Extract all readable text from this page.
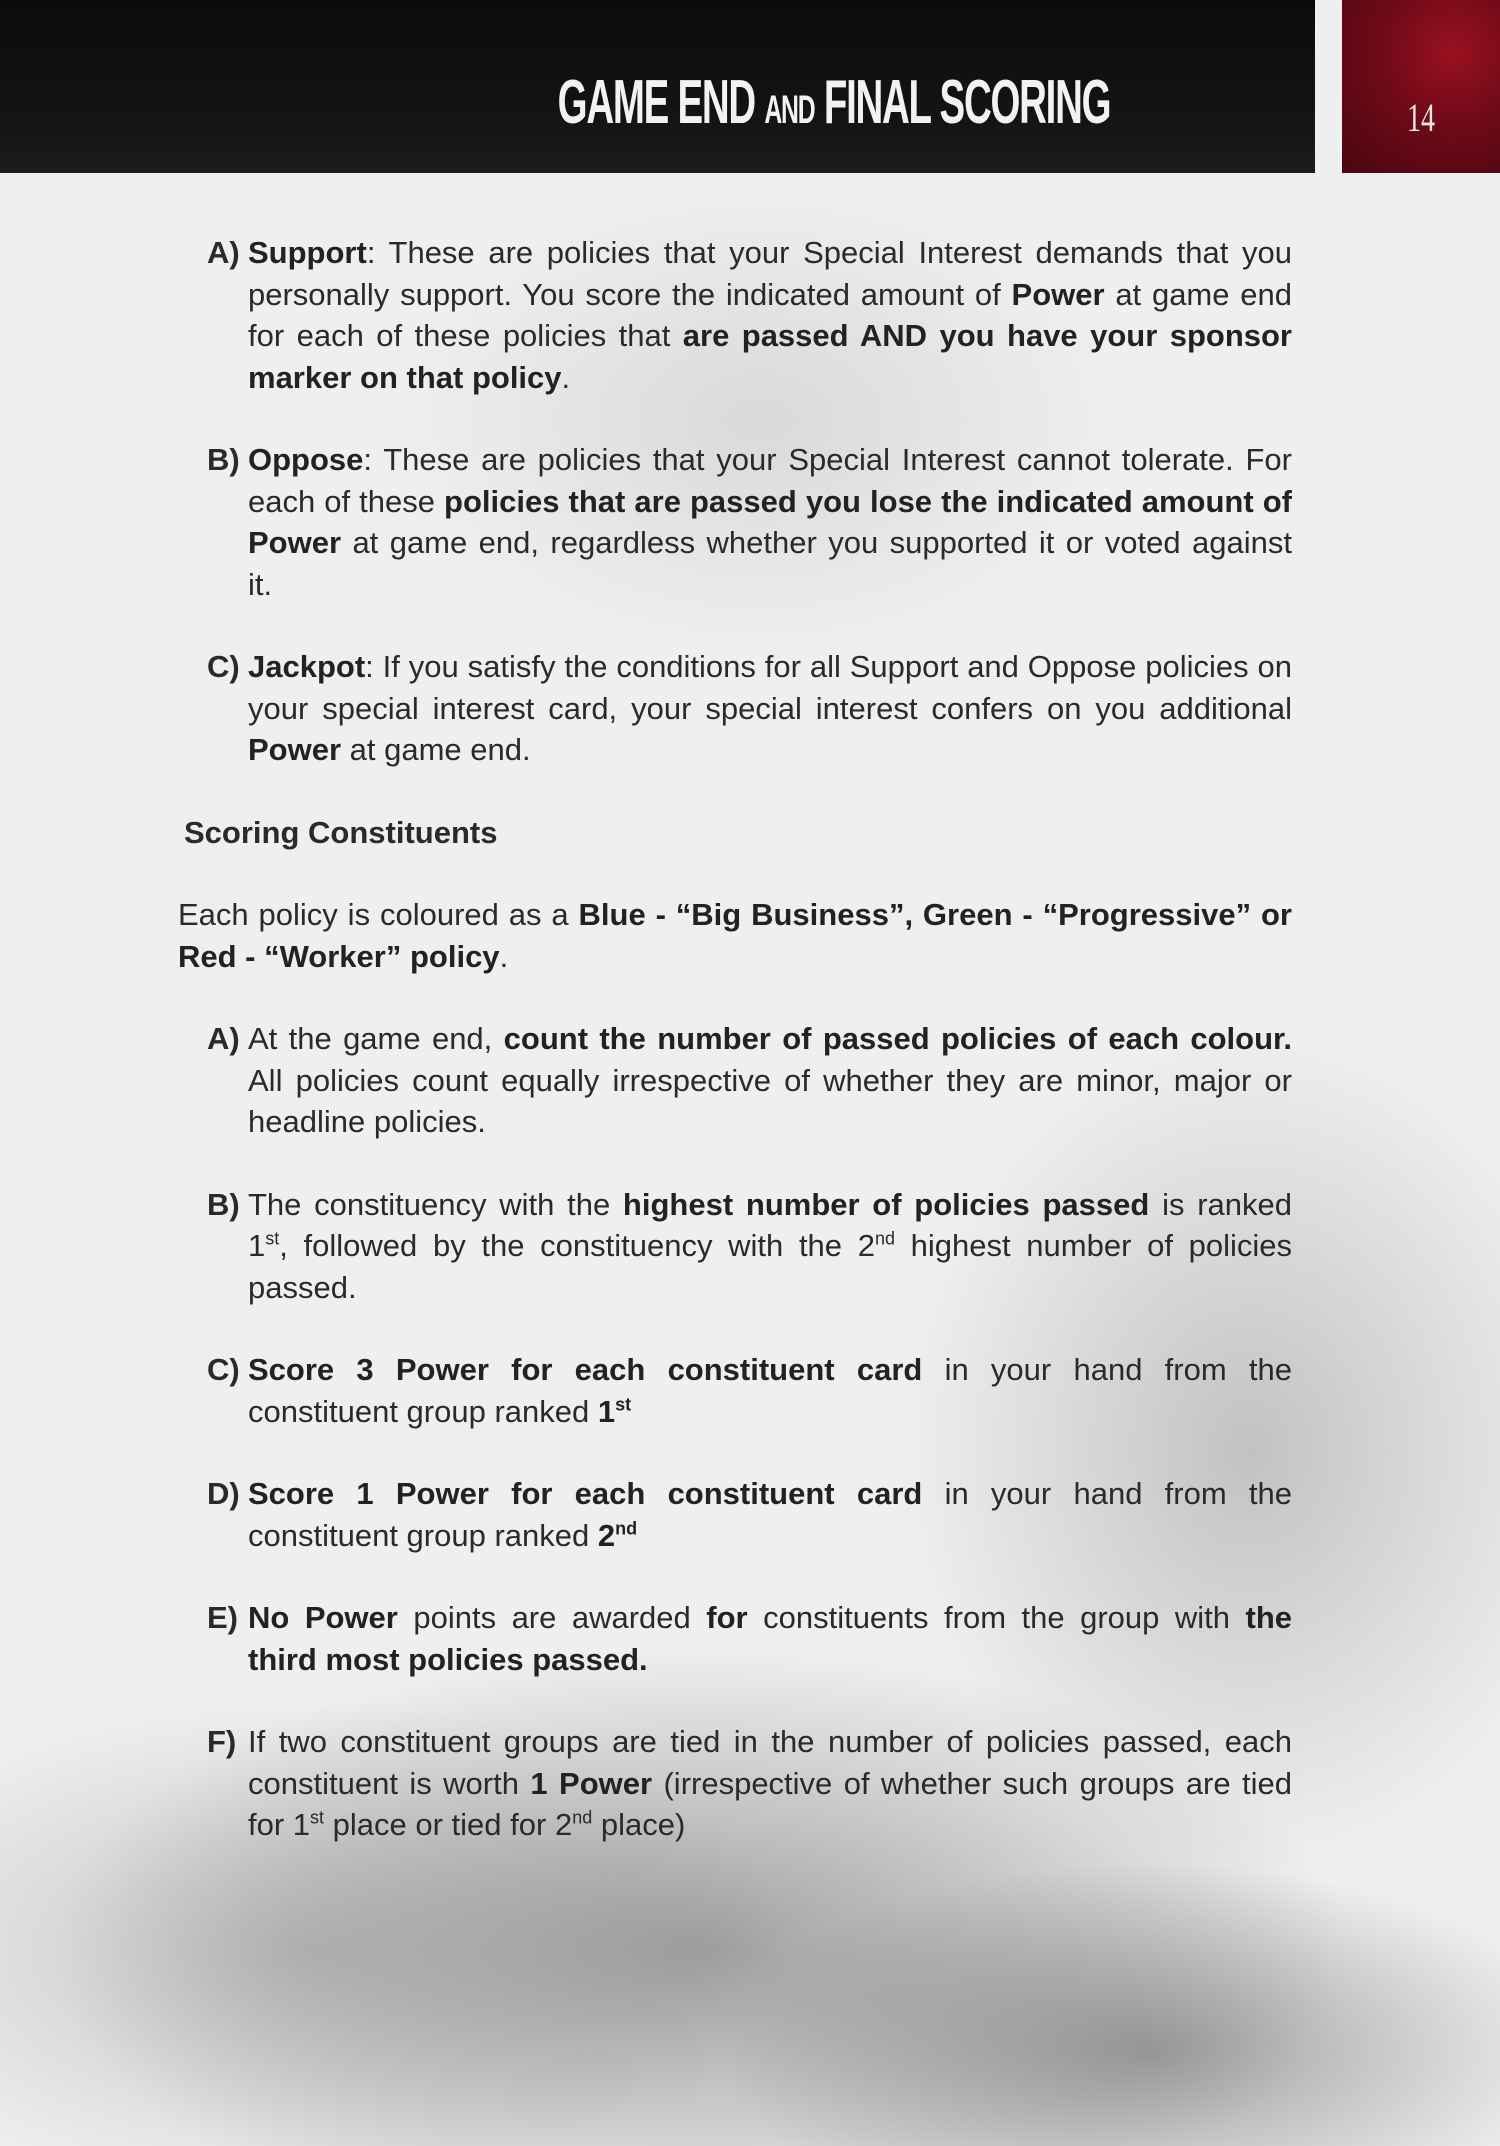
GAME END AND FINAL SCORING	14
A) Support: These are policies that your Special Interest demands that you personally support. You score the indicated amount of Power at game end for each of these policies that are passed AND you have your sponsor marker on that policy.
B) Oppose: These are policies that your Special Interest cannot tolerate. For each of these policies that are passed you lose the indicated amount of Power at game end, regardless whether you supported it or voted against it.
C) Jackpot: If you satisfy the conditions for all Support and Oppose policies on your special interest card, your special interest confers on you additional Power at game end.
Scoring Constituents
Each policy is coloured as a Blue - “Big Business”, Green - “Progressive” or Red - “Worker” policy.
A) At the game end, count the number of passed policies of each colour. All policies count equally irrespective of whether they are minor, major or headline policies.
B) The constituency with the highest number of policies passed is ranked 1st, followed by the constituency with the 2nd highest number of policies passed.
C) Score 3 Power for each constituent card in your hand from the constituent group ranked 1st
D) Score 1 Power for each constituent card in your hand from the constituent group ranked 2nd
E) No Power points are awarded for constituents from the group with the third most policies passed.
F) If two constituent groups are tied in the number of policies passed, each constituent is worth 1 Power (irrespective of whether such groups are tied for 1st place or tied for 2nd place)
